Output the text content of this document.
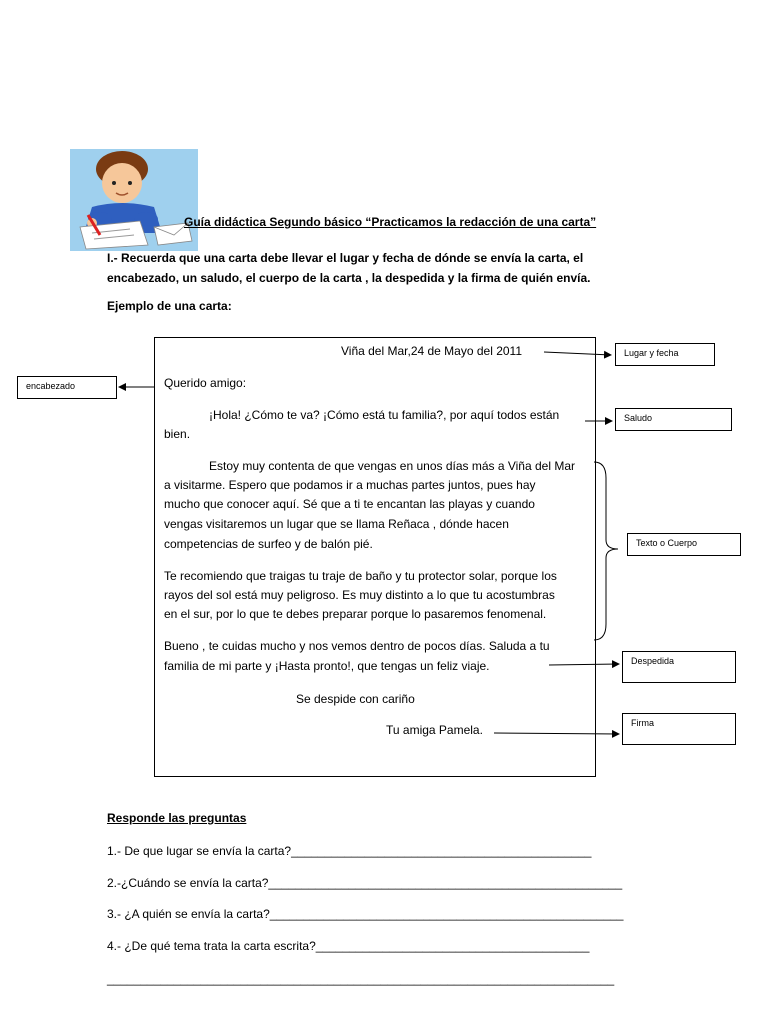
Guía didáctica Segundo básico “Practicamos la redacción de una carta”
I.- Recuerda que una carta debe llevar el lugar y fecha de dónde se envía la carta, el encabezado, un saludo, el cuerpo de la carta , la despedida y la firma de quién envía.
Ejemplo de una carta:
Viña del Mar,24 de Mayo del 2011
Querido amigo:
¡Hola! ¿Cómo te va? ¡Cómo está tu familia?, por aquí todos están
bien.
Estoy muy contenta de que vengas en unos días más a Viña del Mar
a visitarme. Espero que podamos ir a muchas partes juntos, pues hay
mucho que conocer aquí. Sé que a ti te encantan las playas y cuando
vengas visitaremos un lugar que se llama Reñaca , dónde hacen
competencias de surfeo y de balón pié.
Te recomiendo que traigas tu traje de baño y tu protector solar, porque los
rayos del sol está muy peligroso. Es muy distinto a lo que tu acostumbras
en el sur, por lo que te debes preparar porque lo pasaremos fenomenal.
Bueno , te cuidas mucho y nos vemos dentro de pocos días. Saluda a tu
familia de mi parte y ¡Hasta pronto!, que tengas un feliz viaje.
Se despide con cariño
Tu amiga Pamela.
Lugar y fecha
encabezado
Saludo
Texto o Cuerpo
Despedida
Firma
Responde las preguntas
1.- De que lugar se envía la carta?_____________________________________________
2.-¿Cuándo se envía la carta?_____________________________________________________
3.- ¿A quién se envía la carta?_____________________________________________________
4.- ¿De qué tema trata la carta escrita?_________________________________________
____________________________________________________________________________
